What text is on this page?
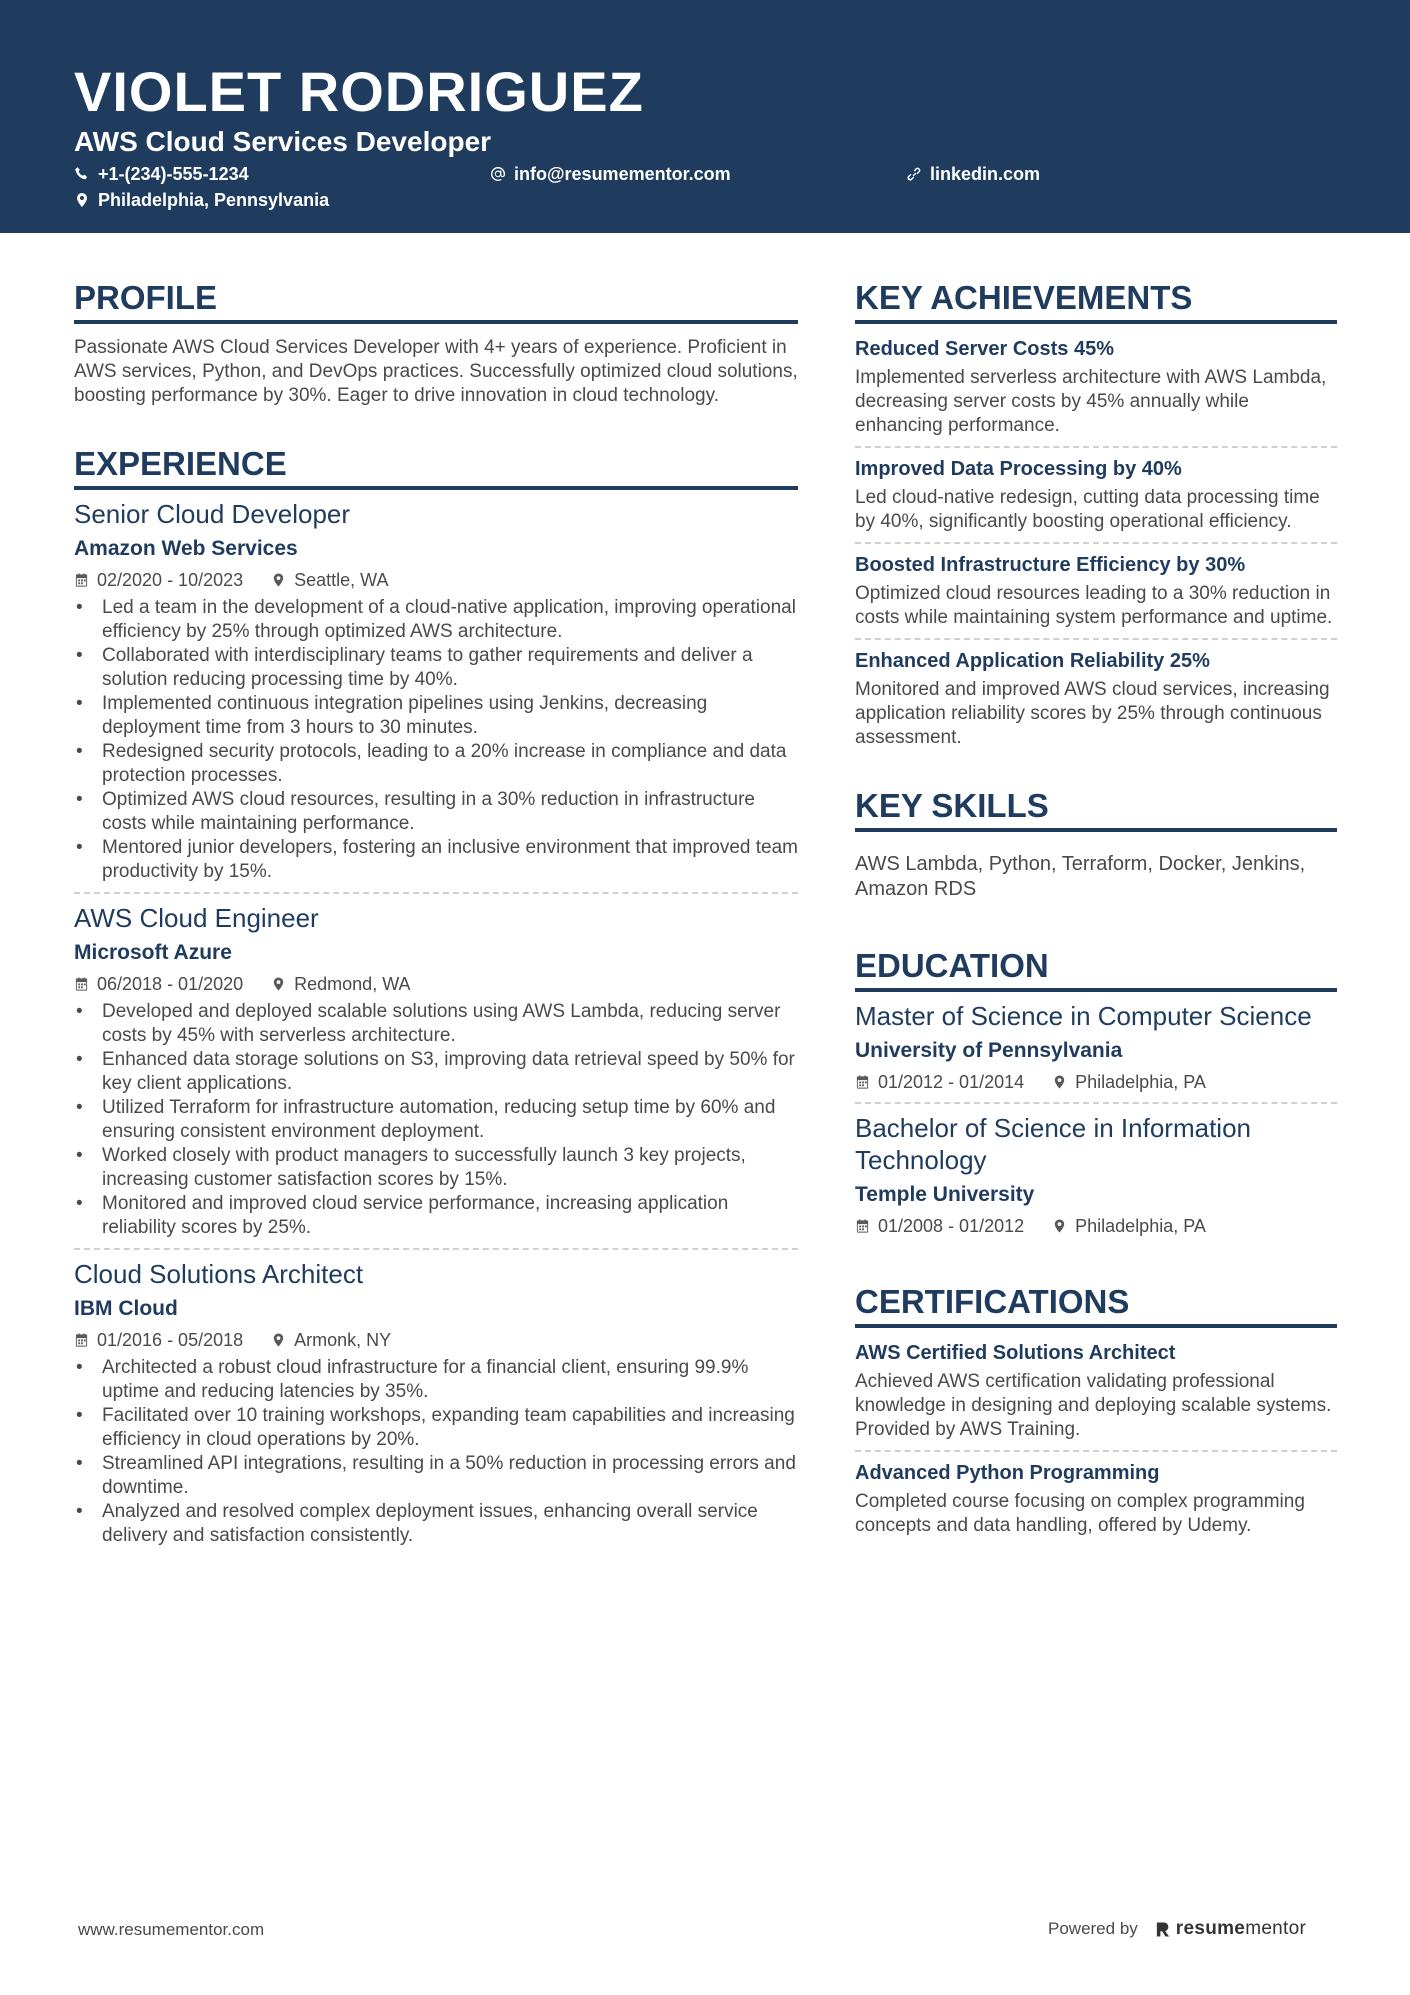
VIOLET RODRIGUEZ
AWS Cloud Services Developer
+1-(234)-555-1234	info@resumementor.com	linkedin.com
Philadelphia, Pennsylvania
PROFILE
Passionate AWS Cloud Services Developer with 4+ years of experience. Proficient in AWS services, Python, and DevOps practices. Successfully optimized cloud solutions, boosting performance by 30%. Eager to drive innovation in cloud technology.
EXPERIENCE
Senior Cloud Developer
Amazon Web Services
02/2020 - 10/2023	Seattle, WA
• Led a team in the development of a cloud-native application, improving operational efficiency by 25% through optimized AWS architecture.
• Collaborated with interdisciplinary teams to gather requirements and deliver a solution reducing processing time by 40%.
• Implemented continuous integration pipelines using Jenkins, decreasing deployment time from 3 hours to 30 minutes.
• Redesigned security protocols, leading to a 20% increase in compliance and data protection processes.
• Optimized AWS cloud resources, resulting in a 30% reduction in infrastructure costs while maintaining performance.
• Mentored junior developers, fostering an inclusive environment that improved team productivity by 15%.
AWS Cloud Engineer
Microsoft Azure
06/2018 - 01/2020	Redmond, WA
• Developed and deployed scalable solutions using AWS Lambda, reducing server costs by 45% with serverless architecture.
• Enhanced data storage solutions on S3, improving data retrieval speed by 50% for key client applications.
• Utilized Terraform for infrastructure automation, reducing setup time by 60% and ensuring consistent environment deployment.
• Worked closely with product managers to successfully launch 3 key projects, increasing customer satisfaction scores by 15%.
• Monitored and improved cloud service performance, increasing application reliability scores by 25%.
Cloud Solutions Architect
IBM Cloud
01/2016 - 05/2018	Armonk, NY
• Architected a robust cloud infrastructure for a financial client, ensuring 99.9% uptime and reducing latencies by 35%.
• Facilitated over 10 training workshops, expanding team capabilities and increasing efficiency in cloud operations by 20%.
• Streamlined API integrations, resulting in a 50% reduction in processing errors and downtime.
• Analyzed and resolved complex deployment issues, enhancing overall service delivery and satisfaction consistently.
KEY ACHIEVEMENTS
Reduced Server Costs 45%
Implemented serverless architecture with AWS Lambda, decreasing server costs by 45% annually while enhancing performance.
Improved Data Processing by 40%
Led cloud-native redesign, cutting data processing time by 40%, significantly boosting operational efficiency.
Boosted Infrastructure Efficiency by 30%
Optimized cloud resources leading to a 30% reduction in costs while maintaining system performance and uptime.
Enhanced Application Reliability 25%
Monitored and improved AWS cloud services, increasing application reliability scores by 25% through continuous assessment.
KEY SKILLS
AWS Lambda, Python, Terraform, Docker, Jenkins, Amazon RDS
EDUCATION
Master of Science in Computer Science
University of Pennsylvania
01/2012 - 01/2014	Philadelphia, PA
Bachelor of Science in Information Technology
Temple University
01/2008 - 01/2012	Philadelphia, PA
CERTIFICATIONS
AWS Certified Solutions Architect
Achieved AWS certification validating professional knowledge in designing and deploying scalable systems. Provided by AWS Training.
Advanced Python Programming
Completed course focusing on complex programming concepts and data handling, offered by Udemy.
www.resumementor.com	Powered by resume mentor
